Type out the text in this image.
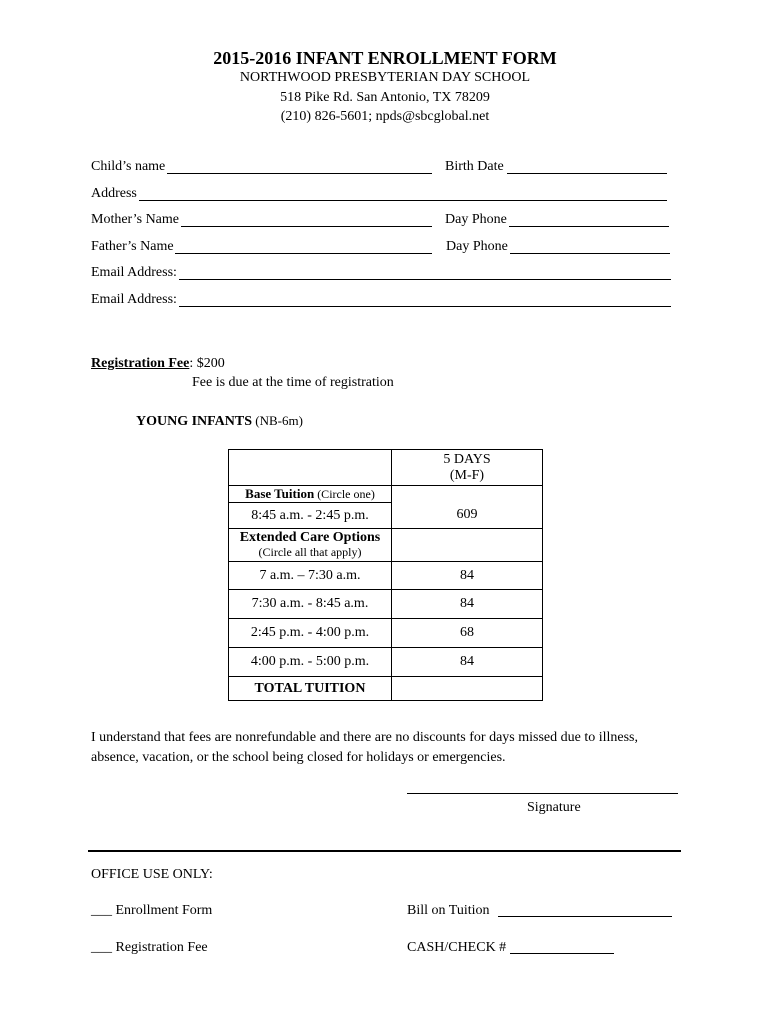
2015-2016 INFANT ENROLLMENT FORM
NORTHWOOD PRESBYTERIAN DAY SCHOOL
518 Pike Rd. San Antonio, TX 78209
(210) 826-5601; npds@sbcglobal.net
Child’s name	Birth Date
Address
Mother’s Name	Day Phone
Father’s Name	Day Phone
Email Address:
Email Address:
Registration Fee: $200
Fee is due at the time of registration
YOUNG INFANTS (NB-6m)

	5 DAYS
(M-F)

Base Tuition (Circle one)	609
8:45 a.m. - 2:45 p.m.	

Extended Care Options
(Circle all that apply)	

7 a.m. – 7:30 a.m.	84
7:30 a.m. - 8:45 a.m.	84
2:45 p.m. - 4:00 p.m.	68
4:00 p.m. - 5:00 p.m.	84
TOTAL TUITION	
I understand that fees are nonrefundable and there are no discounts for days missed due to illness,
absence, vacation, or the school being closed for holidays or emergencies.
Signature
OFFICE USE ONLY:
___ Enrollment Form	Bill on Tuition
___ Registration Fee	CASH/CHECK #
